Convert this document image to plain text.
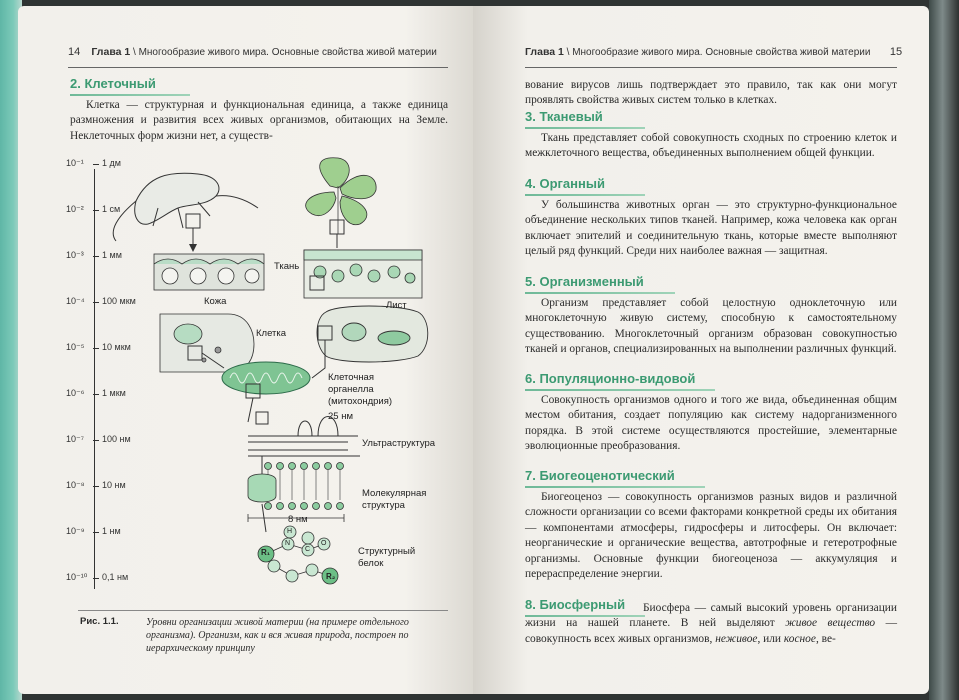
14 Глава 1 \ Многообразие живого мира. Основные свойства живой материи
2. Клеточный

Клетка — структурная и функциональная единица, а также единица размножения и развития всех живых организмов, обитающих на Земле. Неклеточных форм жизни нет, а существ-

10⁻¹ 1 дм
10⁻² 1 см
10⁻³ 1 мм
10⁻⁴ 100 мкм
10⁻⁵ 10 мкм
10⁻⁶ 1 мкм
10⁻⁷ 100 нм
10⁻⁸ 10 нм
10⁻⁹ 1 нм
10⁻¹⁰ 0,1 нм
Ткань
Кожа	Лист
Клетка
Клеточная
органелла
(митохондрия)
25 нм
Ультраструктура
Молекулярная
структура
8 нм
Структурный
белок
R₁
R₂
H
N
C
O
Рис. 1.1.	Уровни организации живой материи (на примере отдельного организма). Организм, как и вся живая природа, построен по иерархическому принципу
Глава 1 \ Многообразие живого мира. Основные свойства живой материи 15

вование вирусов лишь подтверждает это правило, так как они могут проявлять свойства живых систем только в клетках.

3. Тканевый

Ткань представляет собой совокупность сходных по строению клеток и межклеточного вещества, объединенных выполнением общей функции.

4. Органный

У большинства животных орган — это структурно-функциональное объединение нескольких типов тканей. Например, кожа человека как орган включает эпителий и соединительную ткань, которые вместе выполняют целый ряд функций. Среди них наиболее важная — защитная.

5. Организменный

Организм представляет собой целостную одноклеточную или многоклеточную живую систему, способную к самостоятельному существованию. Многоклеточный организм образован совокупностью тканей и органов, специализированных на выполнении различных функций.

6. Популяционно-видовой

Совокупность организмов одного и того же вида, объединенная общим местом обитания, создает популяцию как систему надорганизменного порядка. В этой системе осуществляются простейшие, элементарные эволюционные преобразования.

7. Биогеоценотический

Биогеоценоз — совокупность организмов разных видов и различной сложности организации со всеми факторами конкретной среды их обитания — компонентами атмосферы, гидросферы и литосферы. Он включает: неорганические и органические вещества, автотрофные и гетеротрофные организмы. Основные функции биогеоценоза — аккумуляция и перераспределение энергии.

8. Биосферный	Биосфера — самый высокий уровень организации жизни на нашей планете. В ней выделяют живое вещество — совокупность всех живых организмов, неживое, или косное, ве-
